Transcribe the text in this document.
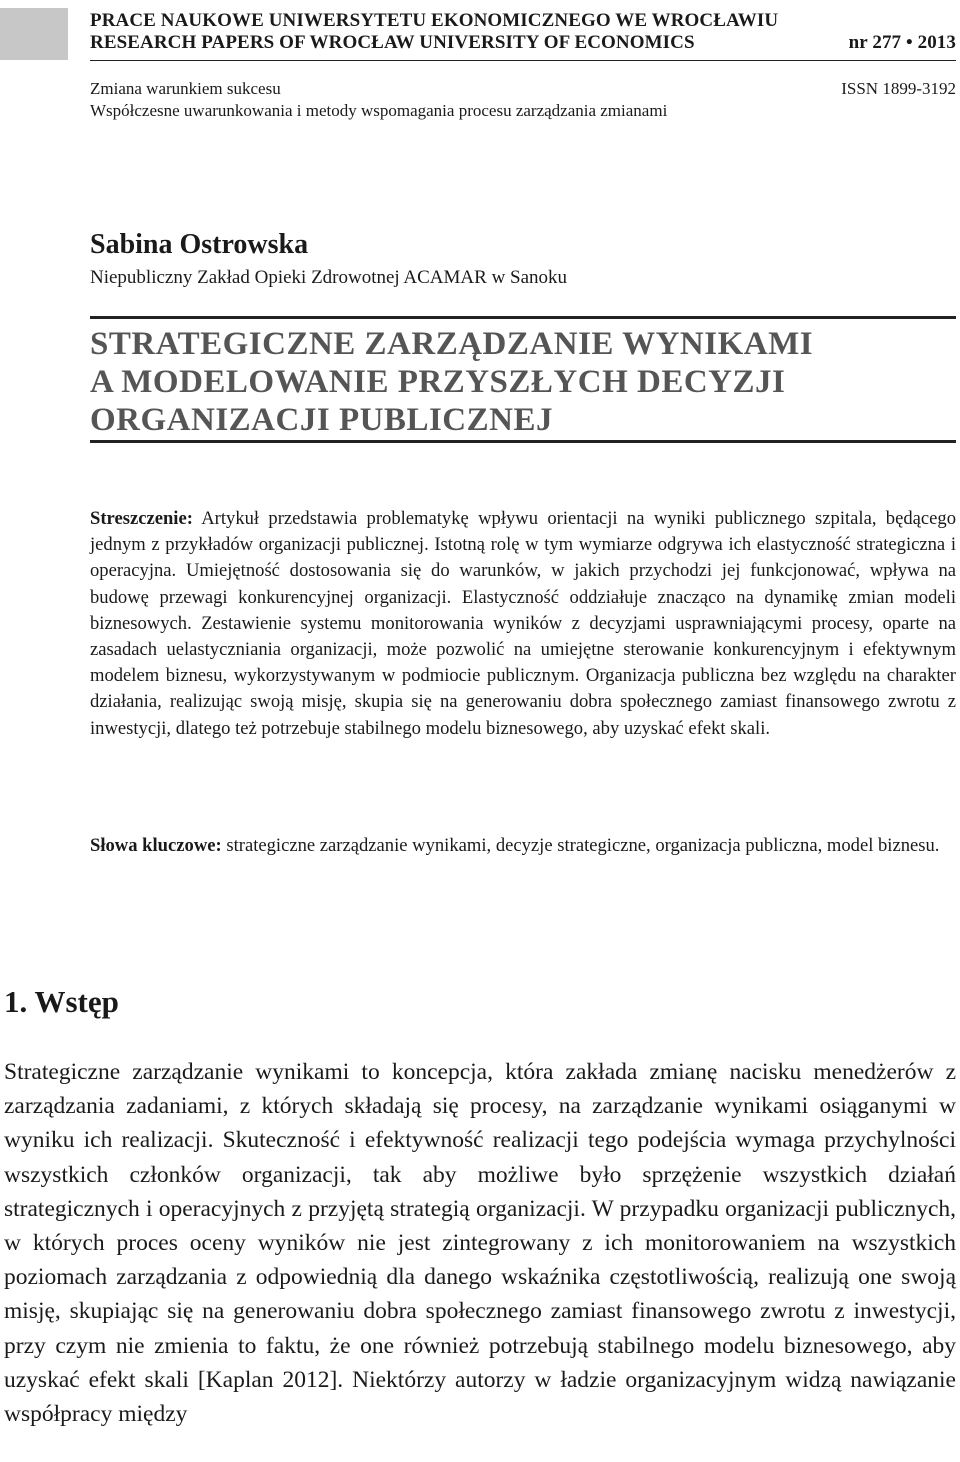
PRACE NAUKOWE UNIWERSYTETU EKONOMICZNEGO WE WROCŁAWIU
RESEARCH PAPERS OF WROCŁAW UNIVERSITY OF ECONOMICS	nr 277 • 2013
Zmiana warunkiem sukcesu	ISSN 1899-3192
Współczesne uwarunkowania i metody wspomagania procesu zarządzania zmianami
Sabina Ostrowska
Niepubliczny Zakład Opieki Zdrowotnej ACAMAR w Sanoku
STRATEGICZNE ZARZĄDZANIE WYNIKAMI
A MODELOWANIE PRZYSZŁYCH DECYZJI
ORGANIZACJI PUBLICZNEJ
Streszczenie: Artykuł przedstawia problematykę wpływu orientacji na wyniki publicznego szpitala, będącego jednym z przykładów organizacji publicznej. Istotną rolę w tym wymiarze odgrywa ich elastyczność strategiczna i operacyjna. Umiejętność dostosowania się do warunków, w jakich przychodzi jej funkcjonować, wpływa na budowę przewagi konkurencyjnej organizacji. Elastyczność oddziałuje znacząco na dynamikę zmian modeli biznesowych. Zestawienie systemu monitorowania wyników z decyzjami usprawniającymi procesy, oparte na zasadach uelastyczniania organizacji, może pozwolić na umiejętne sterowanie konkurencyjnym i efektywnym modelem biznesu, wykorzystywanym w podmiocie publicznym. Organizacja publiczna bez względu na charakter działania, realizując swoją misję, skupia się na generowaniu dobra społecznego zamiast finansowego zwrotu z inwestycji, dlatego też potrzebuje stabilnego modelu biznesowego, aby uzyskać efekt skali.
Słowa kluczowe: strategiczne zarządzanie wynikami, decyzje strategiczne, organizacja publiczna, model biznesu.
1. Wstęp
Strategiczne zarządzanie wynikami to koncepcja, która zakłada zmianę nacisku menedżerów z zarządzania zadaniami, z których składają się procesy, na zarządzanie wynikami osiąganymi w wyniku ich realizacji. Skuteczność i efektywność realizacji tego podejścia wymaga przychylności wszystkich członków organizacji, tak aby możliwe było sprzężenie wszystkich działań strategicznych i operacyjnych z przyjętą strategią organizacji. W przypadku organizacji publicznych, w których proces oceny wyników nie jest zintegrowany z ich monitorowaniem na wszystkich poziomach zarządzania z odpowiednią dla danego wskaźnika częstotliwością, realizują one swoją misję, skupiając się na generowaniu dobra społecznego zamiast finansowego zwrotu z inwestycji, przy czym nie zmienia to faktu, że one również potrzebują stabilnego modelu biznesowego, aby uzyskać efekt skali [Kaplan 2012]. Niektórzy autorzy w ładzie organizacyjnym widzą nawiązanie współpracy między
